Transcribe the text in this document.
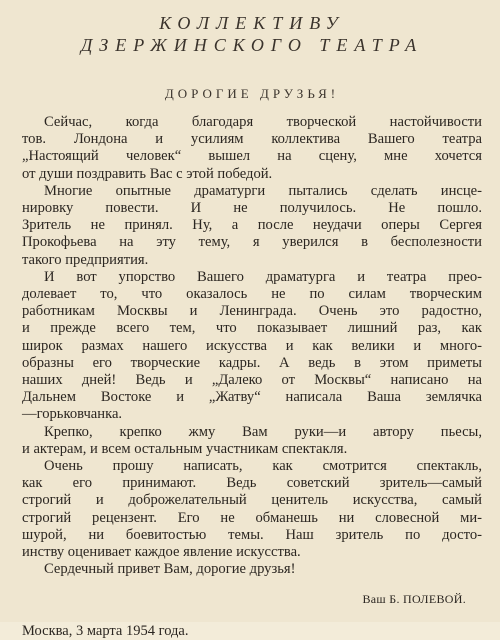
КОЛЛЕКТИВУ
ДЗЕРЖИНСКОГО ТЕАТРА
ДОРОГИЕ ДРУЗЬЯ!
Сейчас, когда благодаря творческой настойчивости
тов. Лондона и усилиям коллектива Вашего театра
„Настоящий человек“ вышел на сцену, мне хочется
от души поздравить Вас с этой победой.
Многие опытные драматурги пытались сделать инсце-
нировку повести. И не получилось. Не пошло.
Зритель не принял. Ну, а после неудачи оперы Сергея
Прокофьева на эту тему, я уверился в бесполезности
такого предприятия.
И вот упорство Вашего драматурга и театра прео-
долевает то, что оказалось не по силам творческим
работникам Москвы и Ленинграда. Очень это радостно,
и прежде всего тем, что показывает лишний раз, как
широк размах нашего искусства и как велики и много-
образны его творческие кадры. А ведь в этом приметы
наших дней! Ведь и „Далеко от Москвы“ написано на
Дальнем Востоке и „Жатву“ написала Ваша землячка
—горьковчанка.
Крепко, крепко жму Вам руки—и автору пьесы,
и актерам, и всем остальным участникам спектакля.
Очень прошу написать, как смотрится спектакль,
как его принимают. Ведь советский зритель—самый
строгий и доброжелательный ценитель искусства, самый
строгий рецензент. Его не обманешь ни словесной ми-
шурой, ни боевитостью темы. Наш зритель по досто-
инству оценивает каждое явление искусства.
Сердечный привет Вам, дорогие друзья!
Ваш Б. ПОЛЕВОЙ.
Москва, 3 марта 1954 года.
